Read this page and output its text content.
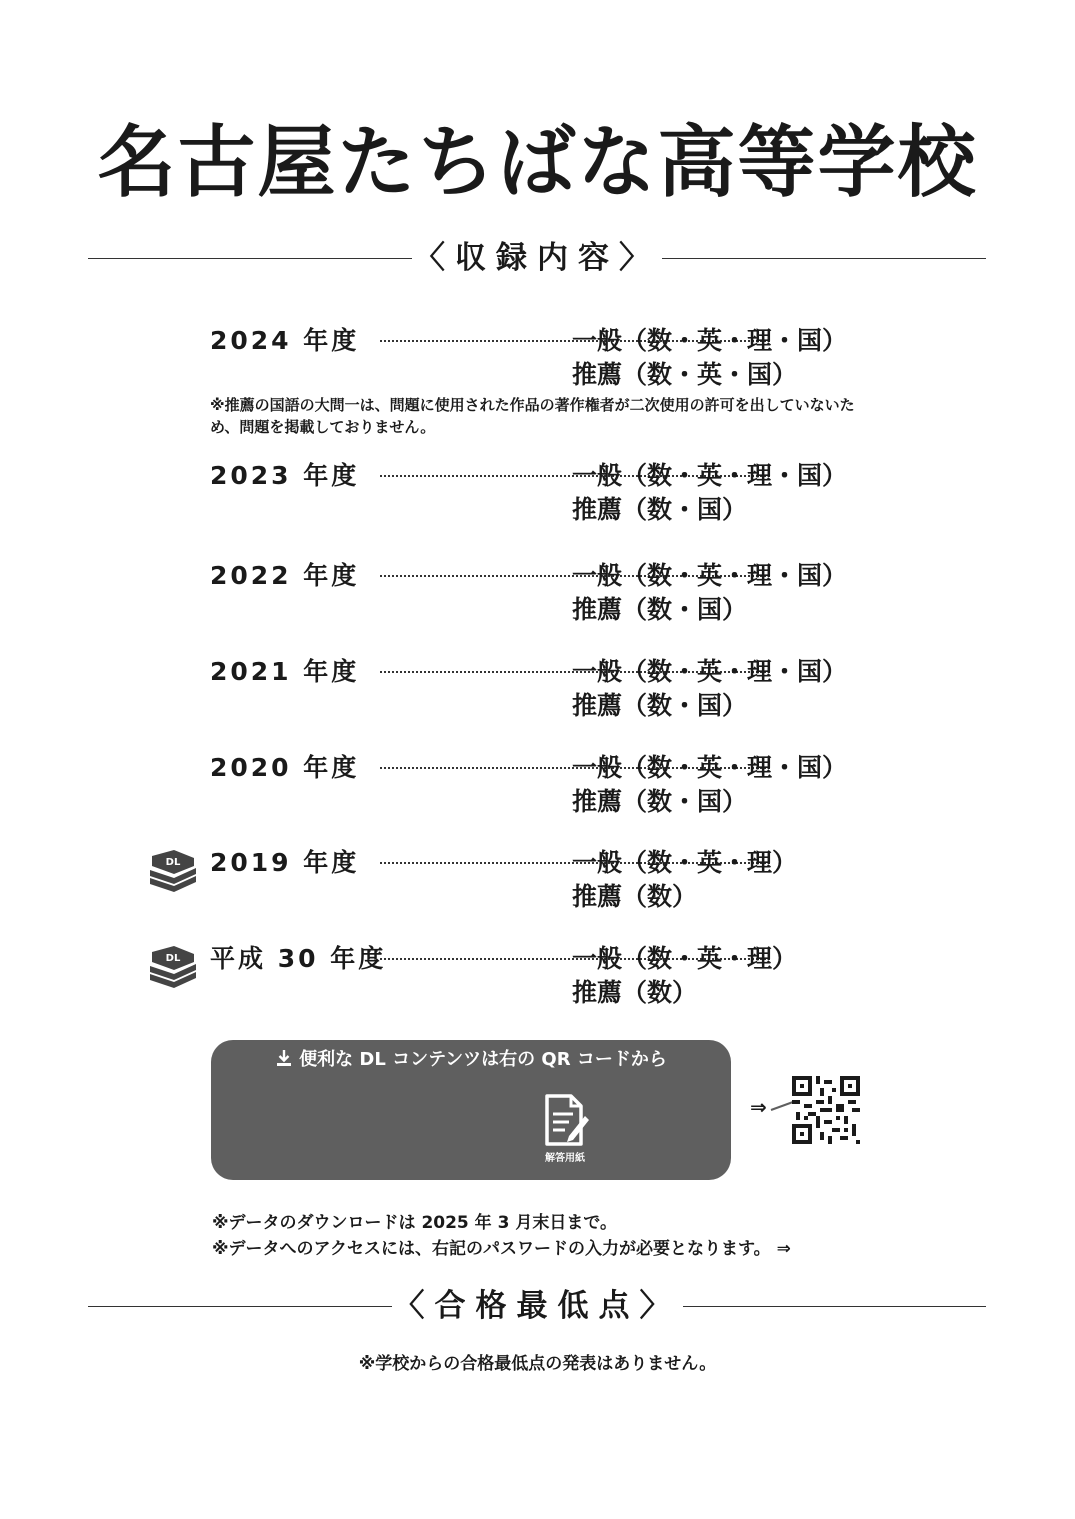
名古屋たちばな高等学校
〈収録内容〉
2024 年度	一般（数・英・理・国）
推薦（数・英・国）
※推薦の国語の大問一は、問題に使用された作品の著作権者が二次使用の許可を出していないため、問題を掲載しておりません。
2023 年度	一般（数・英・理・国）
推薦（数・国）
2022 年度	一般（数・英・理・国）
推薦（数・国）
2021 年度	一般（数・英・理・国）
推薦（数・国）
2020 年度	一般（数・英・理・国）
推薦（数・国）
DL 2019 年度	一般（数・英・理）
推薦（数）
DL 平成 30 年度	一般（数・英・理）
推薦（数）
便利な DL コンテンツは右の QR コードから
解答用紙	過去年度
⇒
※データのダウンロードは 2025 年 3 月末日まで。
※データへのアクセスには、右記のパスワードの入力が必要となります。 ⇒
〈合格最低点〉
※学校からの合格最低点の発表はありません。
